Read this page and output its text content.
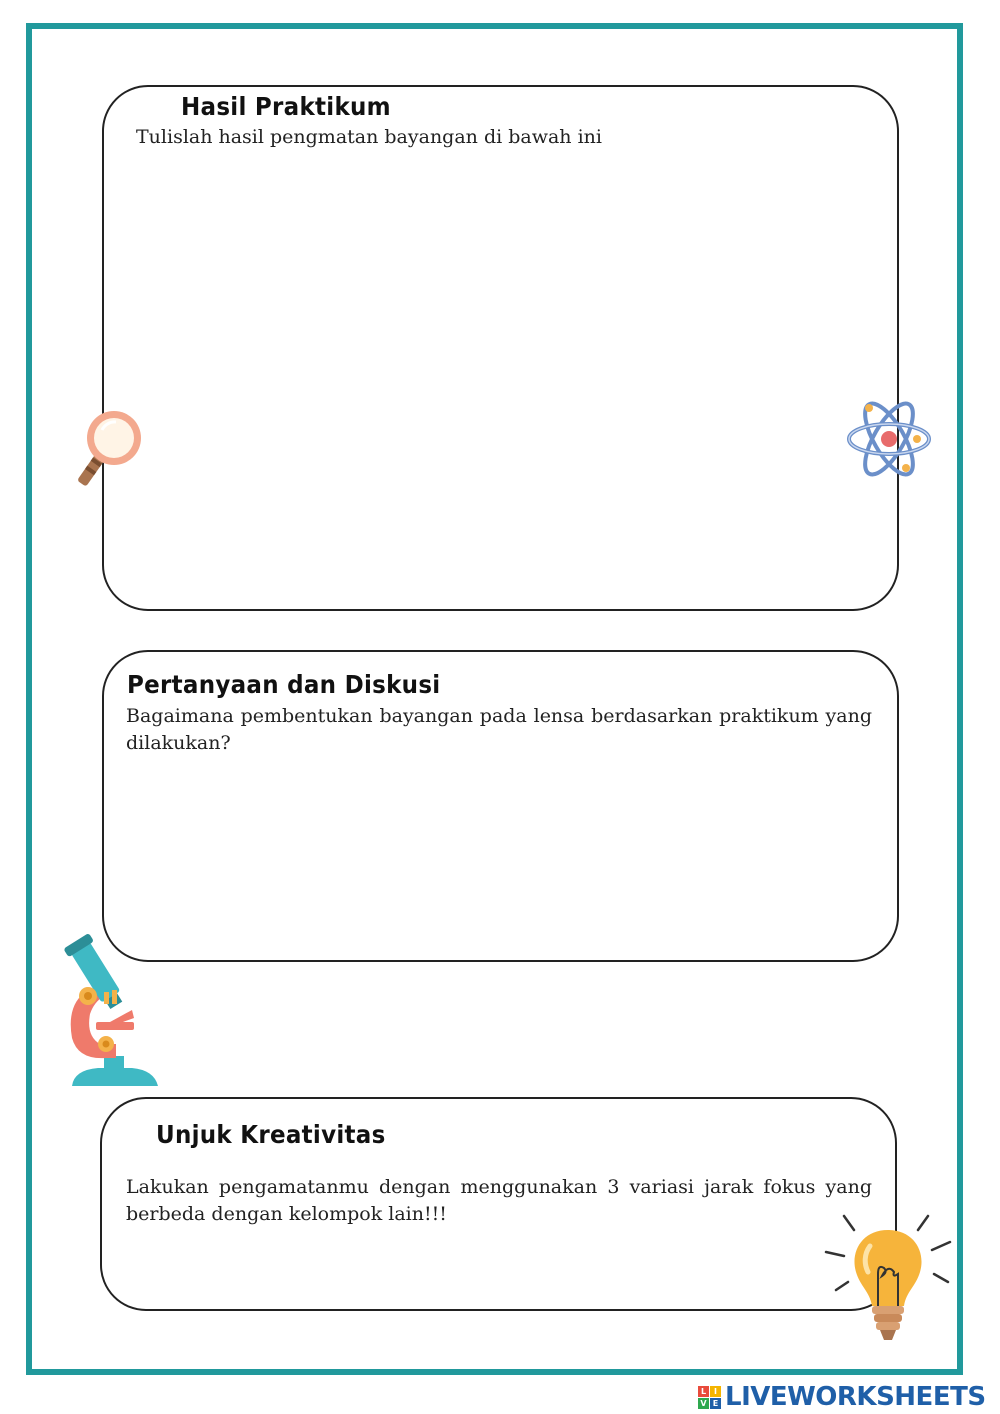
Hasil Praktikum
Tulislah hasil pengmatan bayangan di bawah ini
Pertanyaan dan Diskusi
Bagaimana pembentukan bayangan pada lensa berdasarkan praktikum yang dilakukan?
Unjuk Kreativitas
Lakukan pengamatanmu dengan menggunakan 3 variasi jarak fokus yang berbeda dengan kelompok lain!!!
L I
V E LIVEWORKSHEETS
